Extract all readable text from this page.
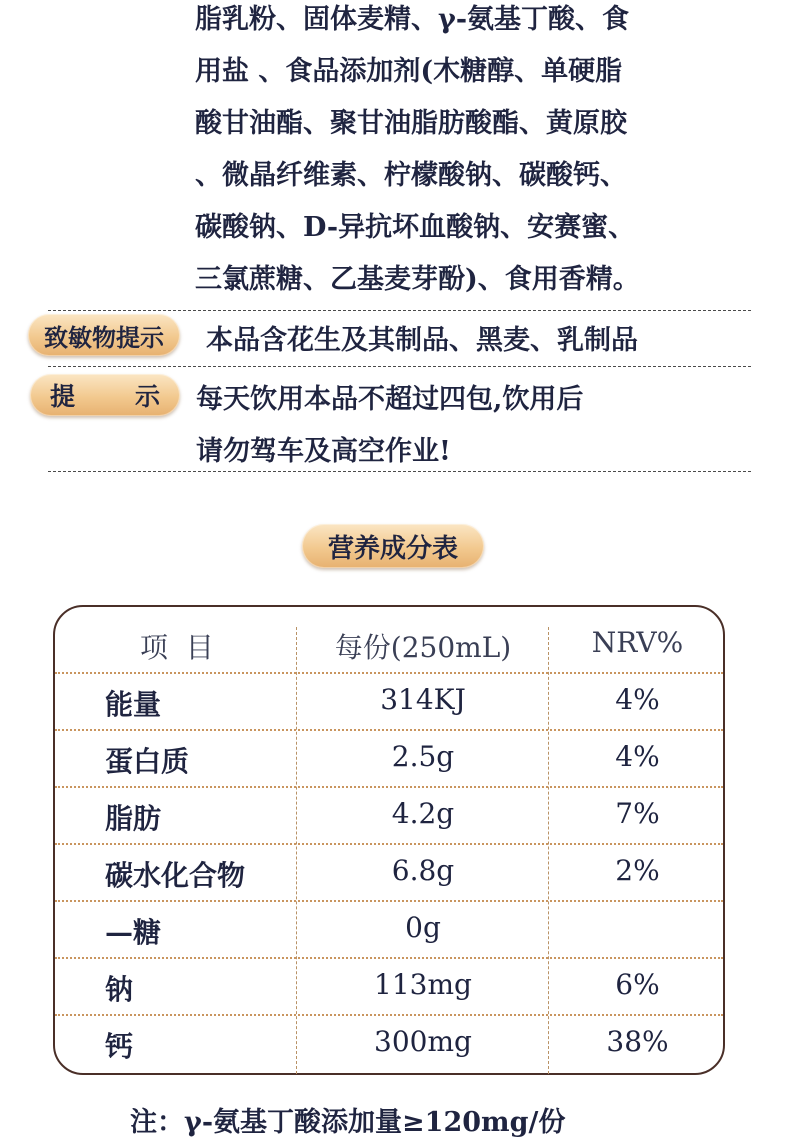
脂乳粉、固体麦精、γ-氨基丁酸、食
用盐 、食品添加剂(木糖醇、单硬脂
酸甘油酯、聚甘油脂肪酸酯、黄原胶
、微晶纤维素、柠檬酸钠、碳酸钙、
碳酸钠、D-异抗坏血酸钠、安赛蜜、
三氯蔗糖、乙基麦芽酚)、食用香精。
致敏物提示 本品含花生及其制品、黑麦、乳制品
提 示 每天饮用本品不超过四包,饮用后
请勿驾车及高空作业!
营养成分表
项  目	每份(250mL)	NRV%
能量	314KJ	4%
蛋白质	2.5g	4%
脂肪	4.2g	7%
碳水化合物	6.8g	2%
—糖	0g
钠	113mg	6%
钙	300mg	38%
注：γ-氨基丁酸添加量≥120mg/份
